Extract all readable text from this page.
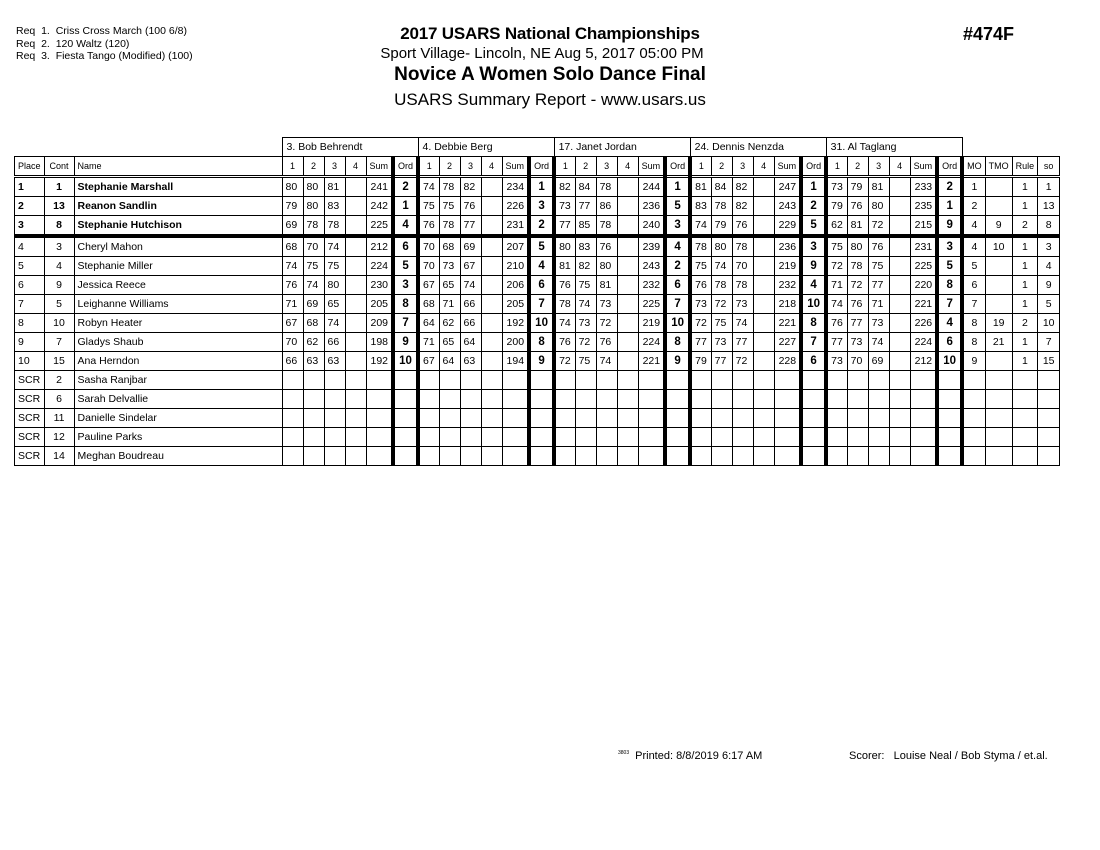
Req  1.  Criss Cross March (100 6/8)
Req  2.  120 Waltz (120)
Req  3.  Fiesta Tango (Modified) (100)
2017 USARS National Championships
Sport Village- Lincoln, NE Aug 5, 2017 05:00 PM
Novice A Women Solo Dance Final
USARS Summary Report - www.usars.us
#474F
			3. Bob Behrendt						4. Debbie Berg						17. Janet Jordan						24. Dennis Nenzda						31. Al Taglang									
Place	Cont	Name	1	2	3	4	Sum	Ord	1	2	3	4	Sum	Ord	1	2	3	4	Sum	Ord	1	2	3	4	Sum	Ord	1	2	3	4	Sum	Ord	MO	TMO	Rule	so
1	1	Stephanie Marshall	80	80	81		241	2	74	78	82		234	1	82	84	78		244	1	81	84	82		247	1	73	79	81		233	2	1		1	1
2	13	Reanon Sandlin	79	80	83		242	1	75	75	76		226	3	73	77	86		236	5	83	78	82		243	2	79	76	80		235	1	2		1	13
3	8	Stephanie Hutchison	69	78	78		225	4	76	78	77		231	2	77	85	78		240	3	74	79	76		229	5	62	81	72		215	9	4	9	2	8
4	3	Cheryl Mahon	68	70	74		212	6	70	68	69		207	5	80	83	76		239	4	78	80	78		236	3	75	80	76		231	3	4	10	1	3
5	4	Stephanie Miller	74	75	75		224	5	70	73	67		210	4	81	82	80		243	2	75	74	70		219	9	72	78	75		225	5	5		1	4
6	9	Jessica Reece	76	74	80		230	3	67	65	74		206	6	76	75	81		232	6	76	78	78		232	4	71	72	77		220	8	6		1	9
7	5	Leighanne Williams	71	69	65		205	8	68	71	66		205	7	78	74	73		225	7	73	72	73		218	10	74	76	71		221	7	7		1	5
8	10	Robyn Heater	67	68	74		209	7	64	62	66		192	10	74	73	72		219	10	72	75	74		221	8	76	77	73		226	4	8	19	2	10
9	7	Gladys Shaub	70	62	66		198	9	71	65	64		200	8	76	72	76		224	8	77	73	77		227	7	77	73	74		224	6	8	21	1	7
10	15	Ana Herndon	66	63	63		192	10	67	64	63		194	9	72	75	74		221	9	79	77	72		228	6	73	70	69		212	10	9		1	15
SCR	2	Sasha Ranjbar																																		
SCR	6	Sarah Delvallie																																		
SCR	11	Danielle Sindelar																																		
SCR	12	Pauline Parks																																		
SCR	14	Meghan Boudreau																																		
$^{3803}$ Printed: 8/8/2019 6:17 AM	Scorer:   Louise Neal / Bob Styma / et.al.
